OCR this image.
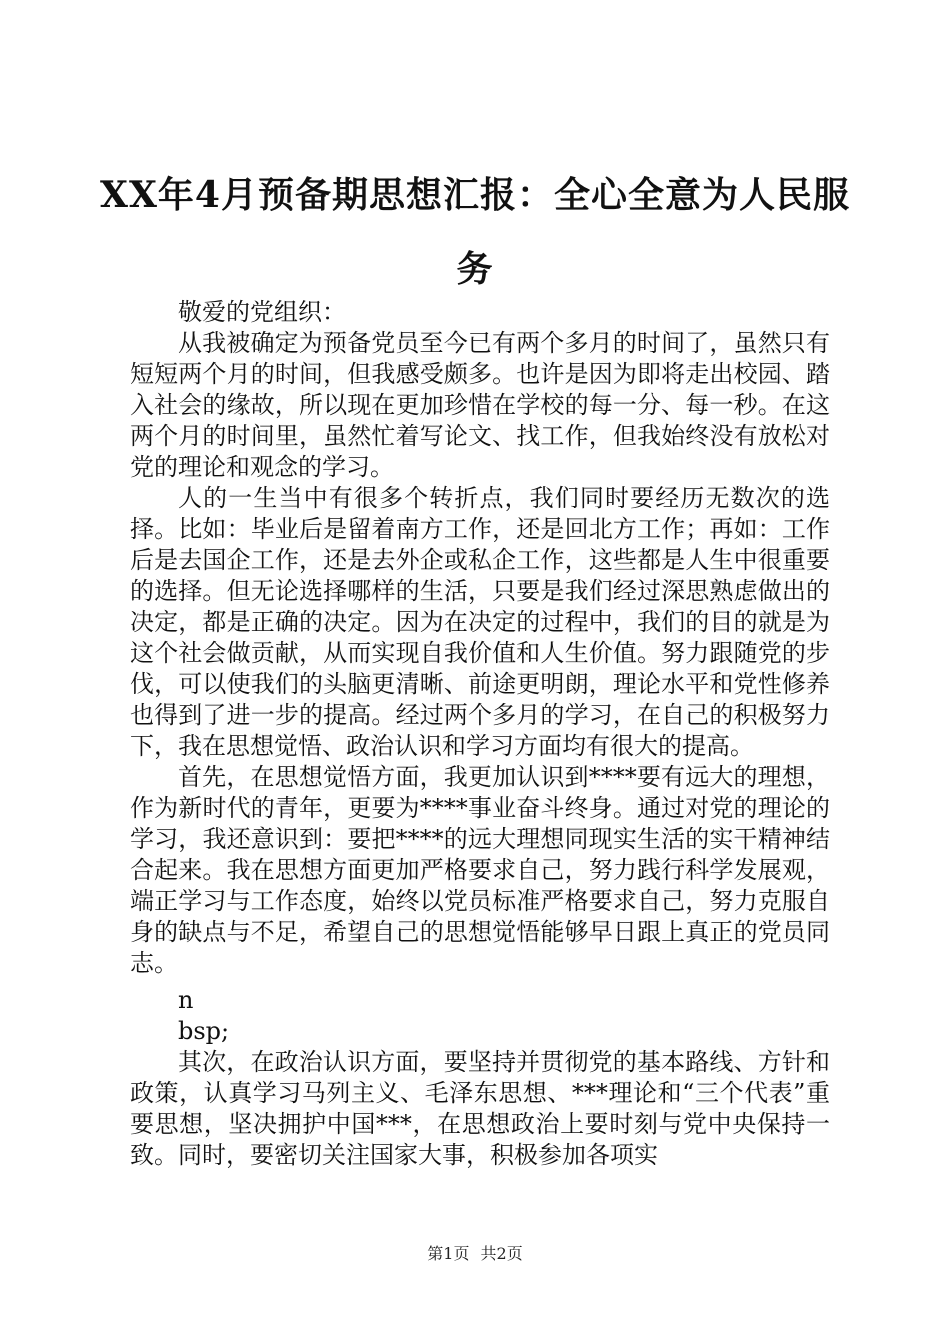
XX年4月预备期思想汇报：全心全意为人民服务

敬爱的党组织：

从我被确定为预备党员至今已有两个多月的时间了，虽然只有短短两个月的时间，但我感受颇多。也许是因为即将走出校园、踏入社会的缘故，所以现在更加珍惜在学校的每一分、每一秒。在这两个月的时间里，虽然忙着写论文、找工作，但我始终没有放松对党的理论和观念的学习。

人的一生当中有很多个转折点，我们同时要经历无数次的选择。比如：毕业后是留着南方工作，还是回北方工作；再如：工作后是去国企工作，还是去外企或私企工作，这些都是人生中很重要的选择。但无论选择哪样的生活，只要是我们经过深思熟虑做出的决定，都是正确的决定。因为在决定的过程中，我们的目的就是为这个社会做贡献，从而实现自我价值和人生价值。努力跟随党的步伐，可以使我们的头脑更清晰、前途更明朗，理论水平和党性修养也得到了进一步的提高。经过两个多月的学习，在自己的积极努力下，我在思想觉悟、政治认识和学习方面均有很大的提高。

首先，在思想觉悟方面，我更加认识到****要有远大的理想，作为新时代的青年，更要为****事业奋斗终身。通过对党的理论的学习，我还意识到：要把****的远大理想同现实生活的实干精神结合起来。我在思想方面更加严格要求自己，努力践行科学发展观，端正学习与工作态度，始终以党员标准严格要求自己，努力克服自身的缺点与不足，希望自己的思想觉悟能够早日跟上真正的党员同志。

n

bsp;

其次，在政治认识方面，要坚持并贯彻党的基本路线、方针和政策，认真学习马列主义、毛泽东思想、***理论和“三个代表”重要思想，坚决拥护中国***，在思想政治上要时刻与党中央保持一致。同时，要密切关注国家大事，积极参加各项实

第1页 共2页
